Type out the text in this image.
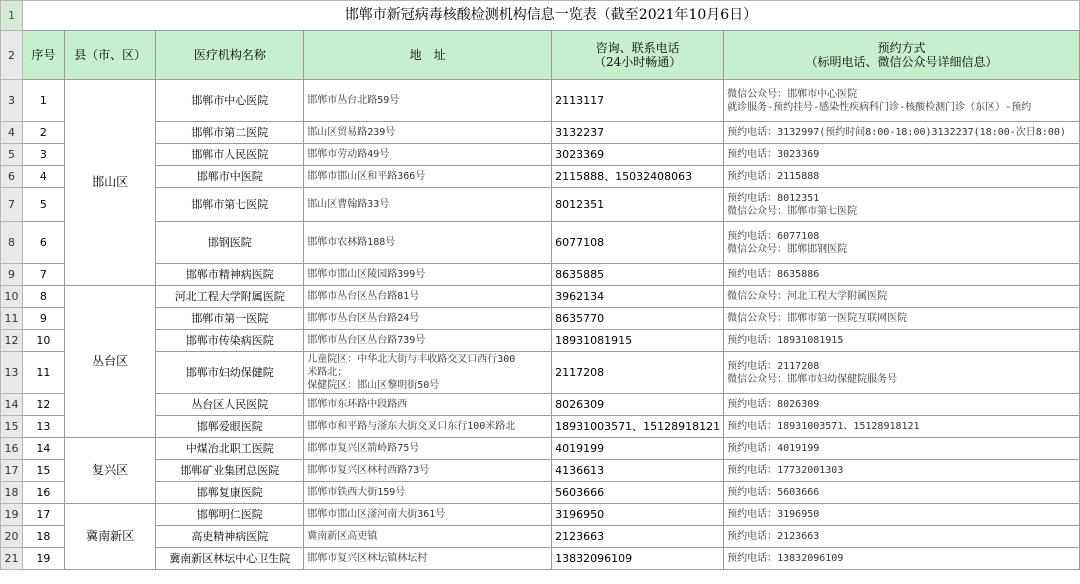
1	邯郸市新冠病毒核酸检测机构信息一览表（截至2021年10月6日）					
2	序号	县（市、区）	医疗机构名称	地　址	咨询、联系电话
（24小时畅通）	预约方式
（标明电话、微信公众号详细信息）

3	1	邯山区	邯郸市中心医院	邯郸市丛台北路59号	2113117	微信公众号：邯郸市中心医院
就诊服务-预约挂号-感染性疾病科门诊-核酸检测门诊（东区）-预约

4	2		邯郸市第二医院	邯山区贸易路239号	3132237	预约电话：3132997(预约时间8:00-18:00)3132237(18:00-次日8:00)

5	3		邯郸市人民医院	邯郸市劳动路49号	3023369	预约电话：3023369

6	4		邯郸市中医院	邯郸市邯山区和平路366号	2115888、15032408063	预约电话：2115888

7	5		邯郸市第七医院	邯山区曹翰路33号	8012351	预约电话：8012351
微信公众号：邯郸市第七医院

8	6		邯钢医院	邯郸市农林路188号	6077108	预约电话：6077108
微信公众号：邯郸邯钢医院

9	7		邯郸市精神病医院	邯郸市邯山区陵园路399号	8635885	预约电话：8635886

10	8	丛台区	河北工程大学附属医院	邯郸市丛台区丛台路81号	3962134	微信公众号：河北工程大学附属医院

11	9		邯郸市第一医院	邯郸市丛台区丛台路24号	8635770	微信公众号：邯郸市第一医院互联网医院

12	10		邯郸市传染病医院	邯郸市丛台区丛台路739号	18931081915	预约电话：18931081915

13	11		邯郸市妇幼保健院	儿童院区：中华北大街与丰收路交叉口西行300
米路北；
保健院区：邯山区黎明街50号	2117208	预约电话：2117208
微信公众号：邯郸市妇幼保健院服务号

14	12		丛台区人民医院	邯郸市东环路中段路西	8026309	预约电话：8026309

15	13		邯郸爱眼医院	邯郸市和平路与滏东大街交叉口东行100米路北	18931003571、15128918121	预约电话：18931003571、15128918121

16	14	复兴区	中煤冶北职工医院	邯郸市复兴区箭岭路75号	4019199	预约电话：4019199

17	15		邯郸矿业集团总医院	邯郸市复兴区林村西路73号	4136613	预约电话：17732001303

18	16		邯郸复康医院	邯郸市铁西大街159号	5603666	预约电话：5603666

19	17	冀南新区	邯郸明仁医院	邯郸市邯山区滏河南大街361号	3196950	预约电话：3196950

20	18		高吏精神病医院	冀南新区高吏镇	2123663	预约电话：2123663

21	19		冀南新区林坛中心卫生院	邯郸市复兴区林坛镇林坛村	13832096109	预约电话：13832096109
